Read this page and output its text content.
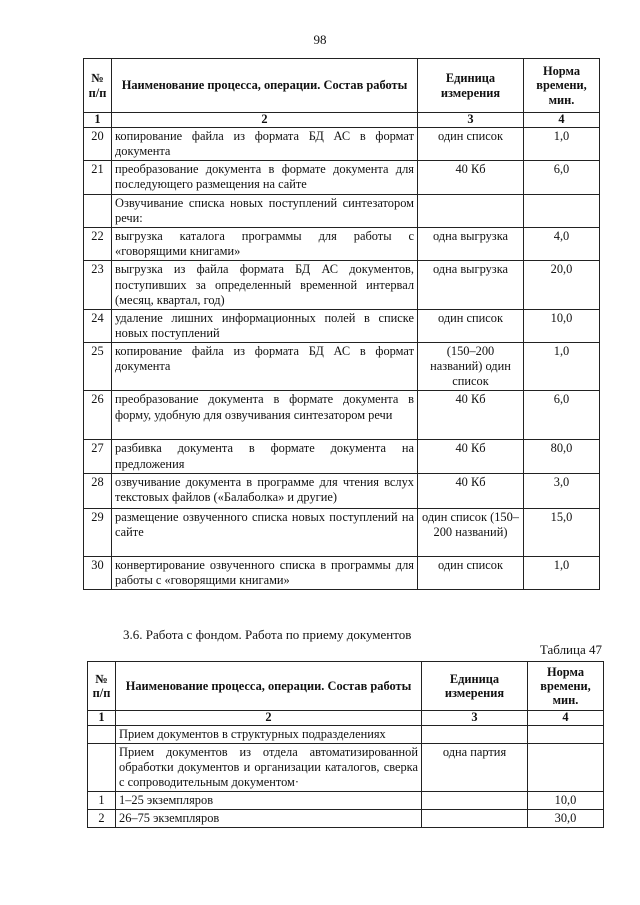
98
№ п/п	Наименование процесса, операции. Состав работы	Единица измерения	Норма времени, мин.
1	2	3	4
20	копирование файла из формата БД АС в формат документа	один список	1,0
21	преобразование документа в формате документа для последующего размещения на сайте	40 Кб	6,0
	Озвучивание списка новых поступлений синтезатором речи:		
22	выгрузка каталога программы для работы с «говорящими книгами»	одна выгрузка	4,0
23	выгрузка из файла формата БД АС документов, поступивших за определенный временной интервал (месяц, квартал, год)	одна выгрузка	20,0
24	удаление лишних информационных полей в списке новых поступлений	один список	10,0
25	копирование файла из формата БД АС в формат документа	(150–200 названий) один список	1,0
26	преобразование документа в формате документа в форму, удобную для озвучивания синтезатором речи	40 Кб	6,0
27	разбивка документа в формате документа на предложения	40 Кб	80,0
28	озвучивание документа в программе для чтения вслух текстовых файлов («Балаболка» и другие)	40 Кб	3,0
29	размещение озвученного списка новых поступлений на сайте	один список (150–200 названий)	15,0
30	конвертирование озвученного списка в программы для работы с «говорящими книгами»	один список	1,0
3.6. Работа с фондом. Работа по приему документов
Таблица 47
№ п/п	Наименование процесса, операции. Состав работы	Единица измерения	Норма времени, мин.
1	2	3	4
	Прием документов в структурных подразделениях		
	Прием документов из отдела автоматизированной обработки документов и организации каталогов, сверка с сопроводительным документом·	одна партия	
1	1–25 экземпляров		10,0
2	26–75 экземпляров		30,0
